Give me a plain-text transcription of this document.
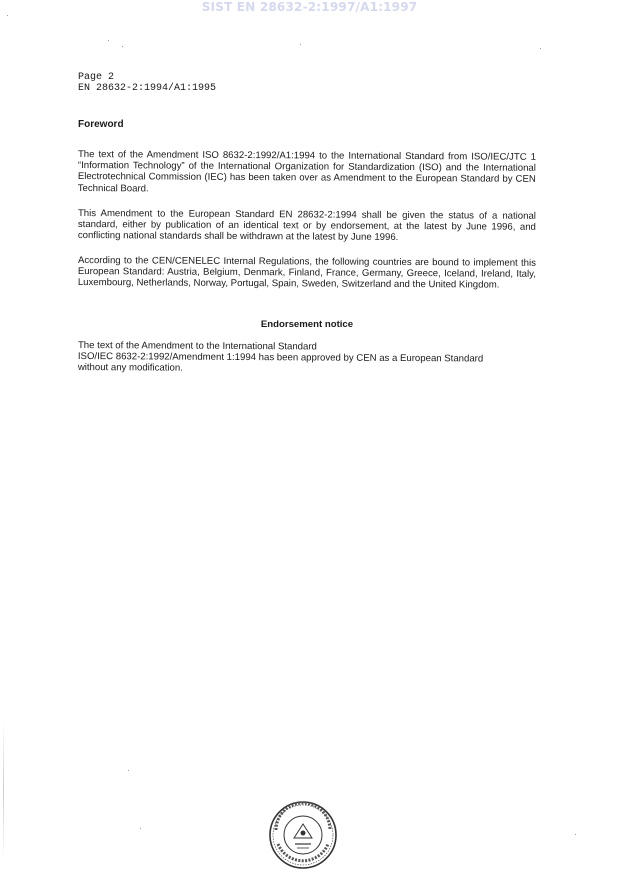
SIST EN 28632-2:1997/A1:1997
Page 2
EN 28632-2:1994/A1:1995
Foreword
The text of the Amendment ISO 8632-2:1992/A1:1994 to the International Standard from ISO/IEC/JTC 1 “Information Technology” of the International Organization for Standardization (ISO) and the International Electrotechnical Commission (IEC) has been taken over as Amendment to the European Standard by CEN Technical Board.
This Amendment to the European Standard EN 28632-2:1994 shall be given the status of a national standard, either by publication of an identical text or by endorsement, at the latest by June 1996, and conflicting national standards shall be withdrawn at the latest by June 1996.
According to the CEN/CENELEC Internal Regulations, the following countries are bound to implement this European Standard: Austria, Belgium, Denmark, Finland, France, Germany, Greece, Iceland, Ireland, Italy, Luxembourg, Netherlands, Norway, Portugal, Spain, Sweden, Switzerland and the United Kingdom.
Endorsement notice
The text of the Amendment to the International Standard
ISO/IEC 8632-2:1992/Amendment 1:1994 has been approved by CEN as a European Standard
without any modification.
